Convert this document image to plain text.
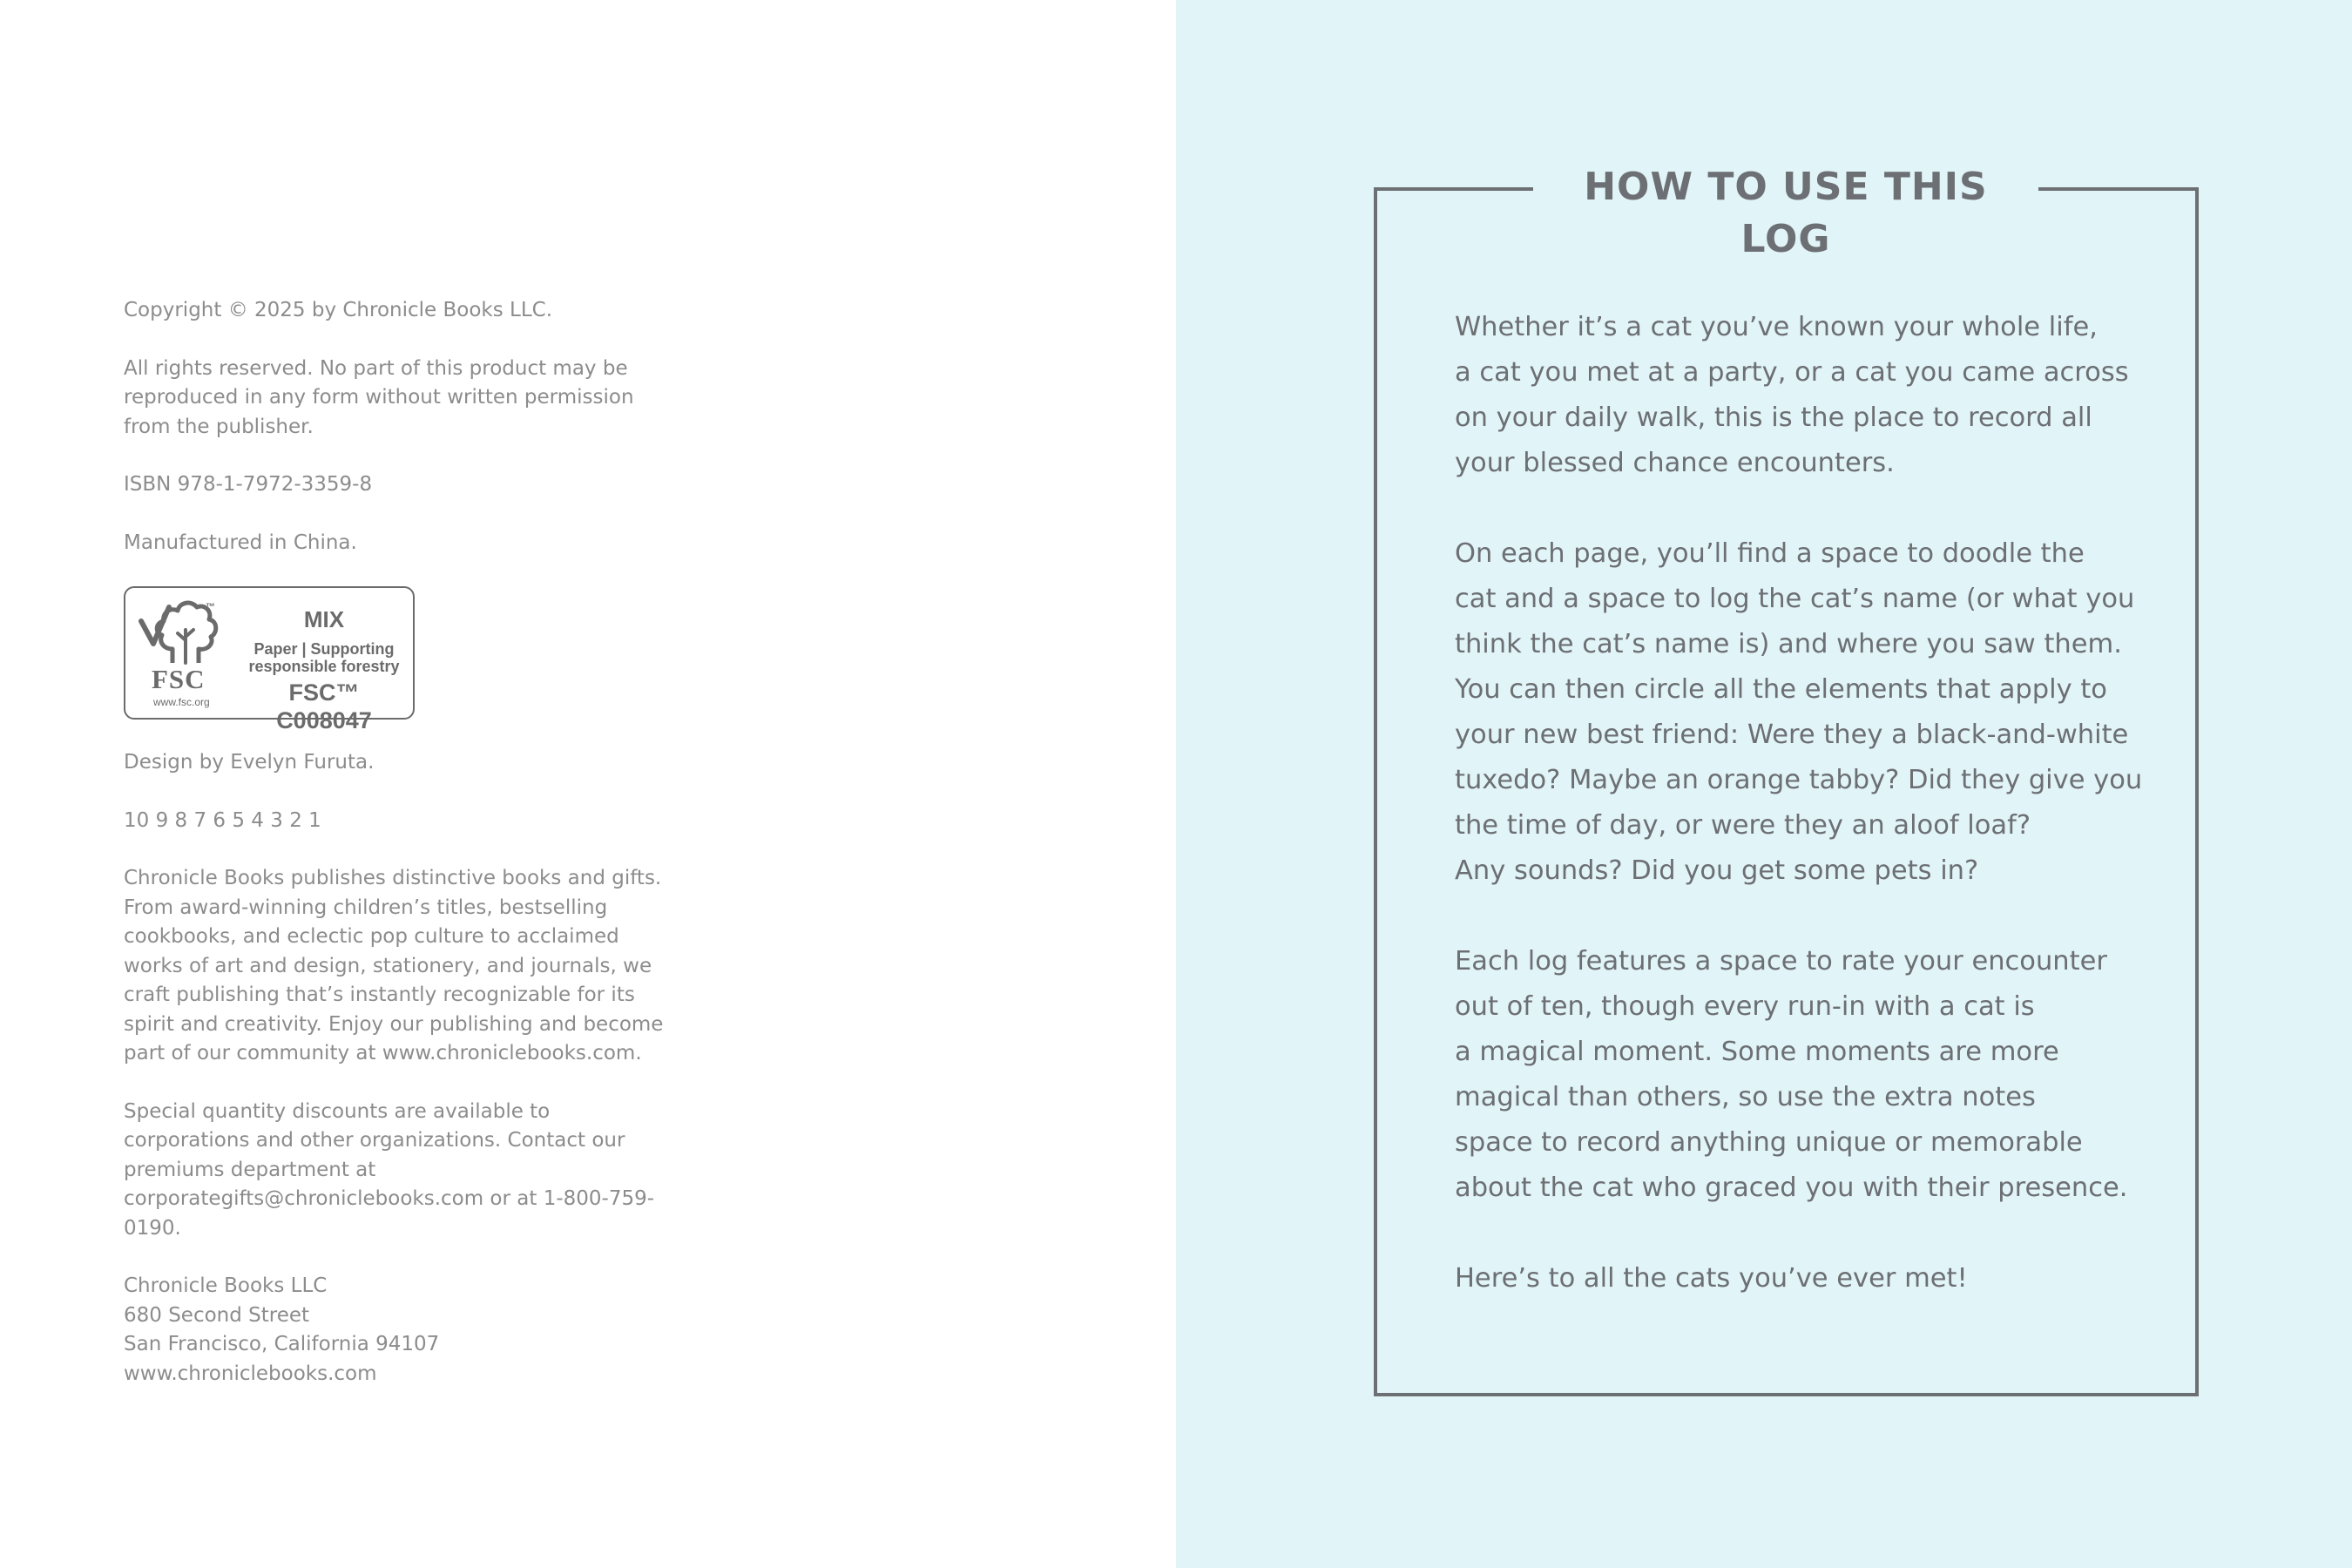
Copyright © 2025 by Chronicle Books LLC.

All rights reserved. No part of this product may be reproduced in any form without written permission from the publisher.

ISBN 978-1-7972-3359-8

Manufactured in China.

™
FSC
www.fsc.org
MIX
Paper | Supporting
responsible forestry
FSC™ C008047

Design by Evelyn Furuta.

10 9 8 7 6 5 4 3 2 1

Chronicle Books publishes distinctive books and gifts. From award-winning children’s titles, bestselling cookbooks, and eclectic pop culture to acclaimed works of art and design, stationery, and journals, we craft publishing that’s instantly recognizable for its spirit and creativity. Enjoy our publishing and become part of our community at www.chroniclebooks.com.

Special quantity discounts are available to corporations and other organizations. Contact our premiums department at corporategifts@chroniclebooks.com or at 1-800-759-0190.

Chronicle Books LLC
680 Second Street
San Francisco, California 94107
www.chroniclebooks.com

HOW TO USE THIS LOG

Whether it’s a cat you’ve known your whole life,
a cat you met at a party, or a cat you came across
on your daily walk, this is the place to record all
your blessed chance encounters.

On each page, you’ll find a space to doodle the
cat and a space to log the cat’s name (or what you
think the cat’s name is) and where you saw them.
You can then circle all the elements that apply to
your new best friend: Were they a black-and-white
tuxedo? Maybe an orange tabby? Did they give you
the time of day, or were they an aloof loaf?
Any sounds? Did you get some pets in?

Each log features a space to rate your encounter
out of ten, though every run-in with a cat is
a magical moment. Some moments are more
magical than others, so use the extra notes
space to record anything unique or memorable
about the cat who graced you with their presence.

Here’s to all the cats you’ve ever met!
